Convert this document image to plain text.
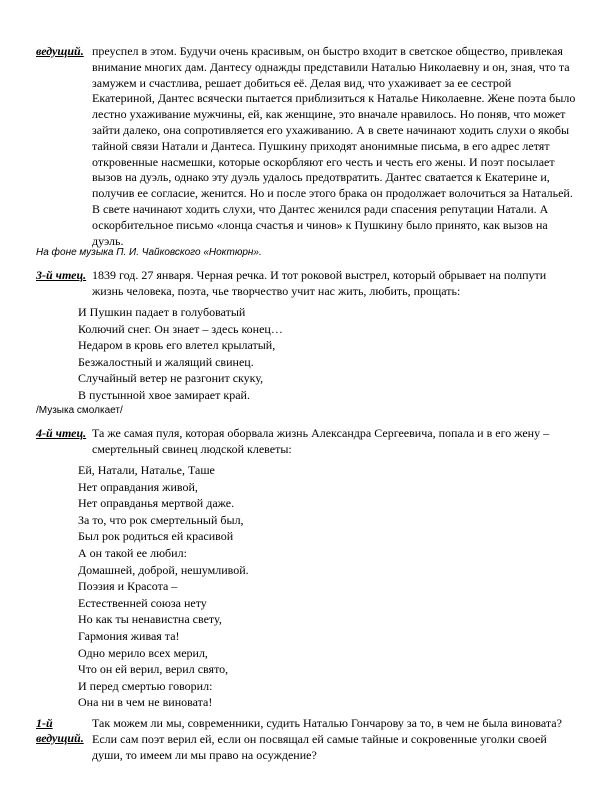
ведущий. преуспел в этом. Будучи очень красивым, он быстро входит в светское общество, привлекая внимание многих дам. Дантесу однажды представили Наталью Николаевну и он, зная, что та замужем и счастлива, решает добиться её. Делая вид, что ухаживает за ее сестрой Екатериной, Дантес всячески пытается приблизиться к Наталье Николаевне. Жене поэта было лестно ухаживание мужчины, ей, как женщине, это вначале нравилось. Но поняв, что может зайти далеко, она сопротивляется его ухаживанию. А в свете начинают ходить слухи о якобы тайной связи Натали и Дантеса. Пушкину приходят анонимные письма, в его адрес летят откровенные насмешки, которые оскорбляют его честь и честь его жены. И поэт посылает вызов на дуэль, однако эту дуэль удалось предотвратить. Дантес сватается к Екатерине и, получив ее согласие, женится. Но и после этого брака он продолжает волочиться за Натальей. В свете начинают ходить слухи, что Дантес женился ради спасения репутации Натали. А оскорбительное письмо «лонца счастья и чинов» к Пушкину было принято, как вызов на дуэль.

На фоне музыка П. И. Чайковского «Ноктюрн».
3-й чтец. 1839 год. 27 января. Черная речка. И тот роковой выстрел, который обрывает на полпути жизнь человека, поэта, чье творчество учит нас жить, любить, прощать:

И Пушкин падает в голубоватый
Колючий снег. Он знает – здесь конец…
Недаром в кровь его влетел крылатый,
Безжалостный и жалящий свинец.
Случайный ветер не разгонит скуку,
В пустынной хвое замирает край.
/Музыка смолкает/
4-й чтец. Та же самая пуля, которая оборвала жизнь Александра Сергеевича, попала и в его жену – смертельный свинец людской клеветы:

Ей, Натали, Наталье, Таше
Нет оправдания живой,
Нет оправданья мертвой даже.
За то, что рок смертельный был,
Был рок родиться ей красивой
А он такой ее любил:
Домашней, доброй, нешумливой.
Поэзия и Красота –
Естественней союза нету
Но как ты ненавистна свету,
Гармония живая та!
Одно мерило всех мерил,
Что он ей верил, верил свято,
И перед смертью говорил:
Она ни в чем не виновата!
1-й ведущий.

Так можем ли мы, современники, судить Наталью Гончарову за то, в чем не была виновата? Если сам поэт верил ей, если он посвящал ей самые тайные и сокровенные уголки своей души, то имеем ли мы право на осуждение?
